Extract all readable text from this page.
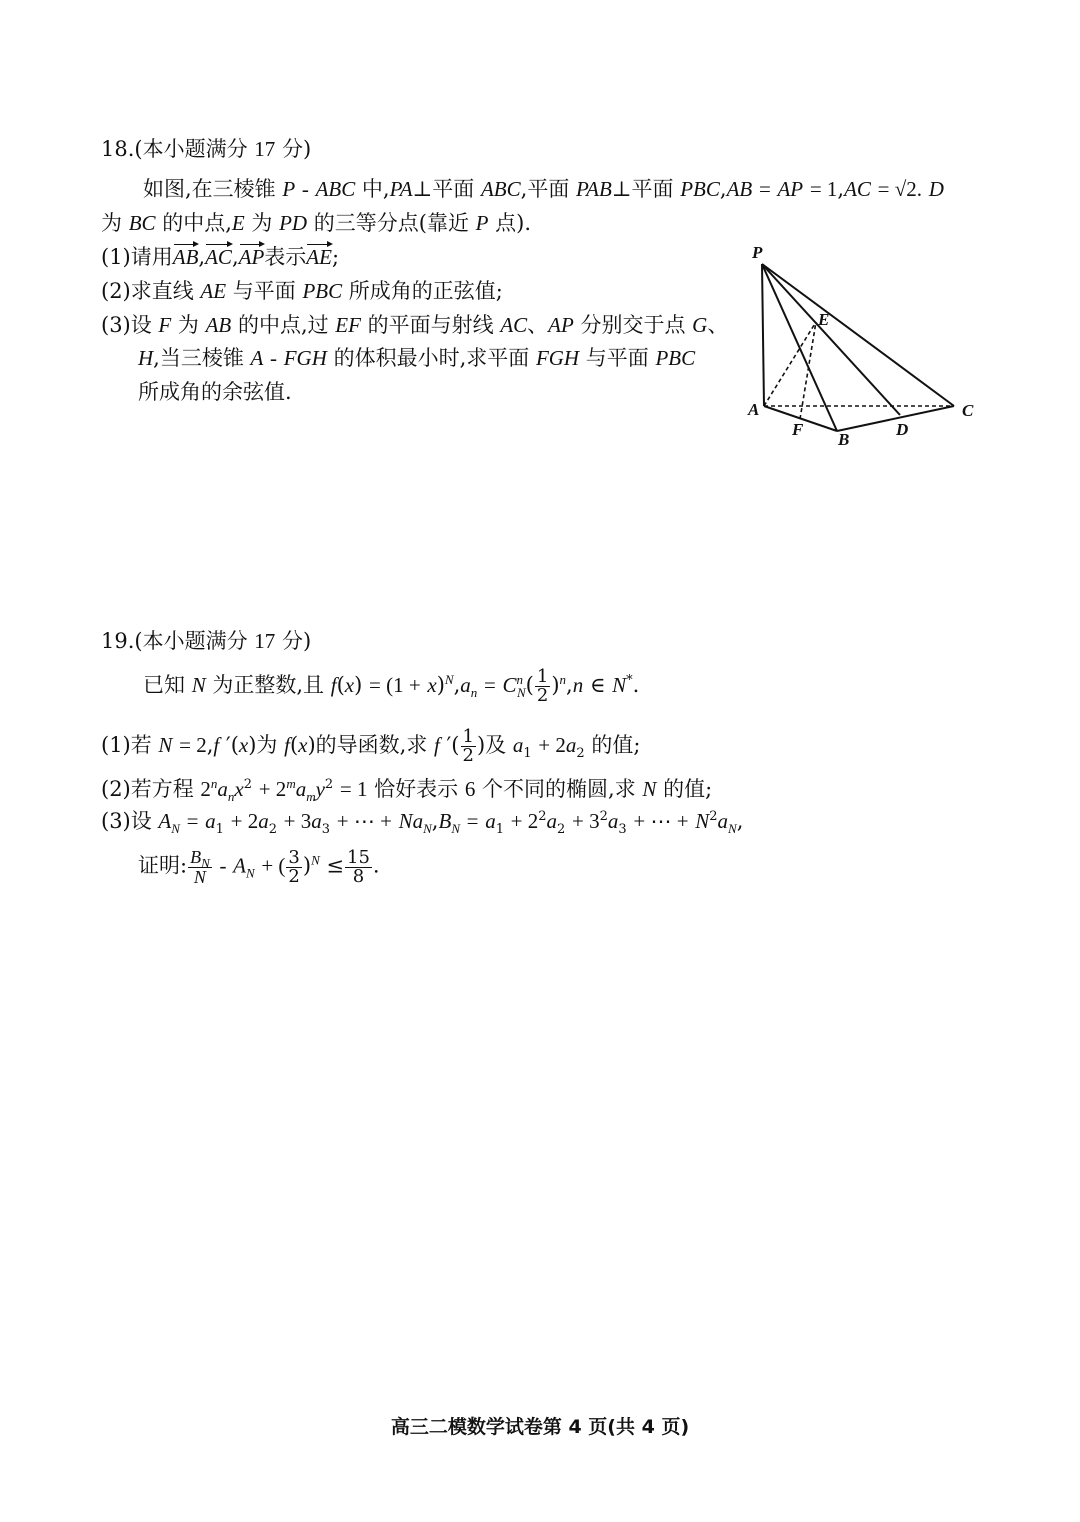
18.(本小题满分 17 分)
如图,在三棱锥 P - ABC 中,PA⊥平面 ABC,平面 PAB⊥平面 PBC,AB = AP = 1,AC = √2. D
为 BC 的中点,E 为 PD 的三等分点(靠近 P 点).
(1)请用AB,AC,AP表示AE;
(2)求直线 AE 与平面 PBC 所成角的正弦值;
(3)设 F 为 AB 的中点,过 EF 的平面与射线 AC、AP 分别交于点 G、
H,当三棱锥 A - FGH 的体积最小时,求平面 FGH 与平面 PBC
所成角的余弦值.
P
E
A
F
B
D
C
19.(本小题满分 17 分)
已知 N 为正整数,且 $f(x) = (1 + x)^N,a_n = C^n_N( \frac{1}{2} )^n,n$ ∈ N*.
(1)若 N = 2,f ′(x)为 f(x)的导函数,求 f ′( $\frac{1}{2}$ )及 $a_1 + 2a_2$ 的值;
(2)若方程 $2^na_nx^2 + 2^ma_my^2 = 1$ 恰好表示 6 个不同的椭圆,求 N 的值;
(3)设 $A_N = a_1 + 2a_2 + 3a_3$ + ⋯ + $Na_N,B_N = a_1 + 2^2a_2 + 3^2a_3$ + ⋯ + $N^2a_N$,
证明: $\frac{B_N}{N} - A_N$ + ( $\frac{3}{2} )^N \le \frac{15}{8}$ .
高三二模数学试卷第 4 页(共 4 页)
